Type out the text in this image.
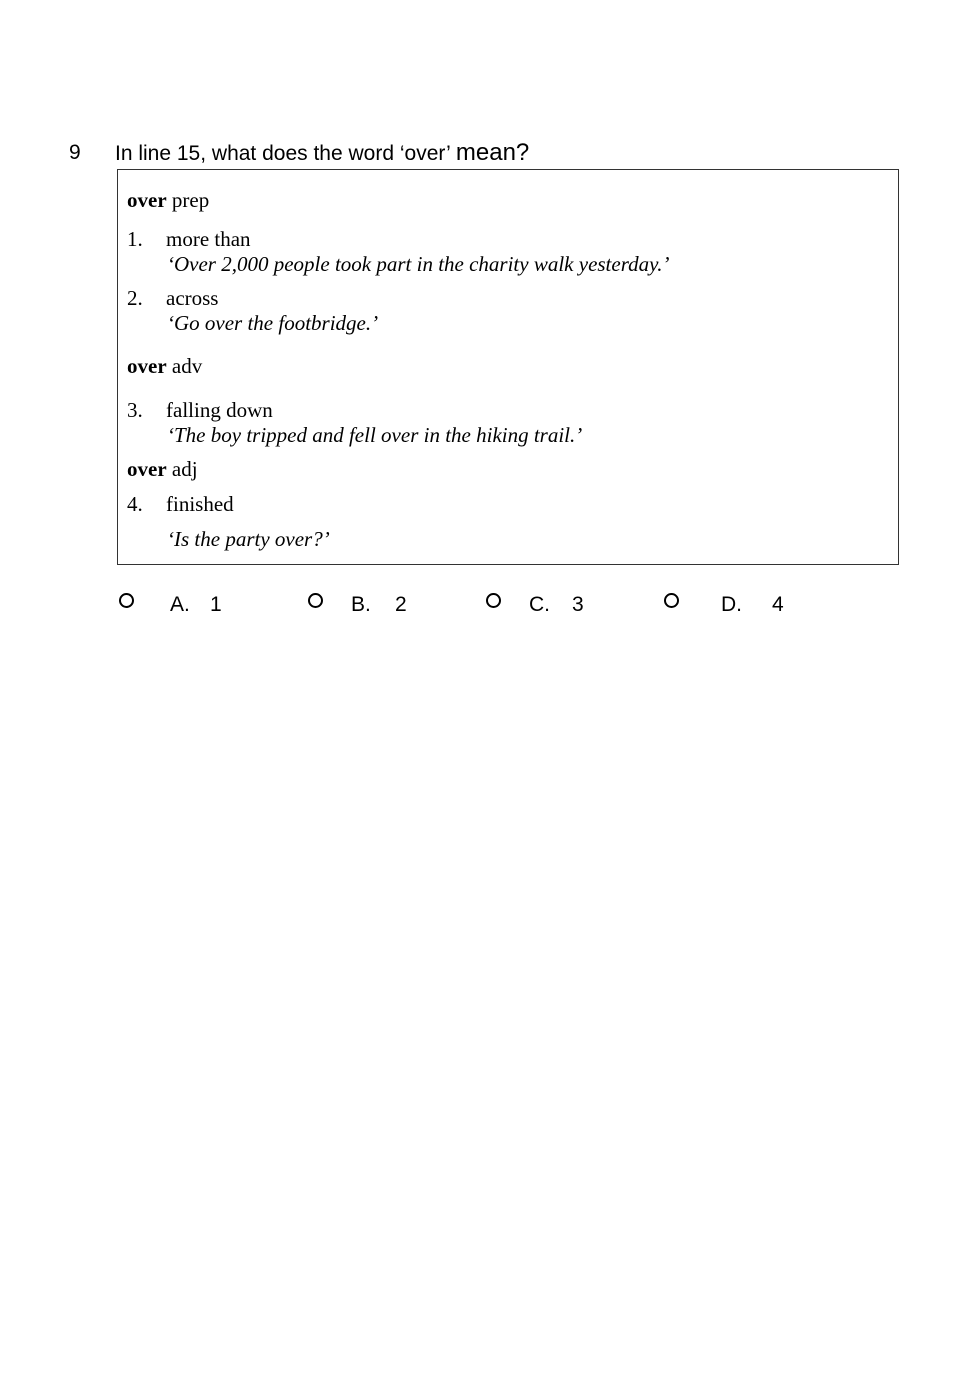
9 In line 15, what does the word ‘over’ mean?
over prep
1. more than
‘Over 2,000 people took part in the charity walk yesterday.’
2. across
‘Go over the footbridge.’
over adv
3. falling down
‘The boy tripped and fell over in the hiking trail.’
over adj
4. finished
‘Is the party over?’
A. 1	B. 2	C. 3	D. 4
